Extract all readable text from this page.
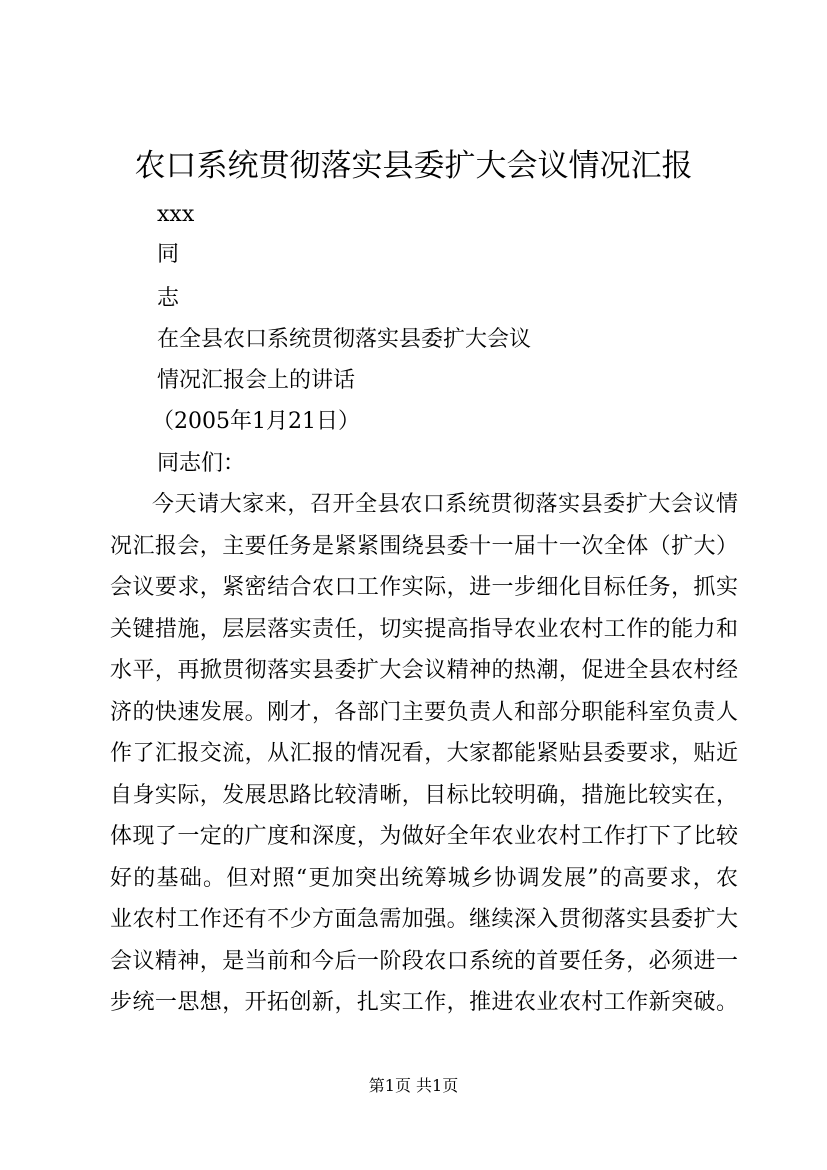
农口系统贯彻落实县委扩大会议情况汇报
xxx
同
志
在全县农口系统贯彻落实县委扩大会议
情况汇报会上的讲话
（2005年1月21日）
同志们：
今天请大家来，召开全县农口系统贯彻落实县委扩大会议情
况汇报会，主要任务是紧紧围绕县委十一届十一次全体（扩大）
会议要求，紧密结合农口工作实际，进一步细化目标任务，抓实
关键措施，层层落实责任，切实提高指导农业农村工作的能力和
水平，再掀贯彻落实县委扩大会议精神的热潮，促进全县农村经
济的快速发展。刚才，各部门主要负责人和部分职能科室负责人
作了汇报交流，从汇报的情况看，大家都能紧贴县委要求，贴近
自身实际，发展思路比较清晰，目标比较明确，措施比较实在，
体现了一定的广度和深度，为做好全年农业农村工作打下了比较
好的基础。但对照“更加突出统筹城乡协调发展”的高要求，农
业农村工作还有不少方面急需加强。继续深入贯彻落实县委扩大
会议精神，是当前和今后一阶段农口系统的首要任务，必须进一
步统一思想，开拓创新，扎实工作，推进农业农村工作新突破。
第1页 共1页
